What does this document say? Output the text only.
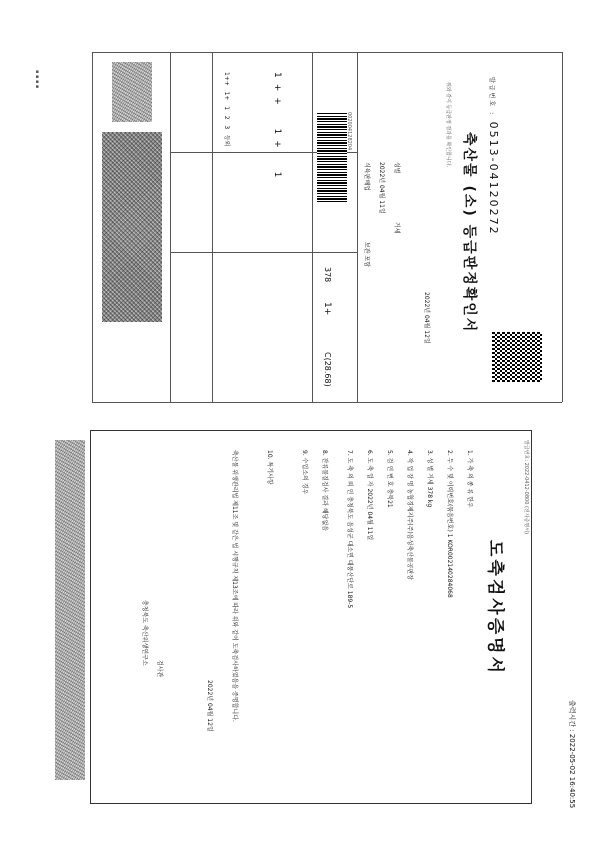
1++   1+   1   2   3   등외
1++  1+  1
1+
378
C(28.68)
002004128204
식육판매업	2022년 04월 11일	성별
거세
보관 포함
2022년 04월 12일
축산물 (소) 등급판정확인서
발급번호 : 0513-04120272
위와 같이 등급판정 결과를 확인합니다.
▪ ▪ ▪ ▪
충청북도 축산위생연구소
검사관
2022년 04월 12일	축산물 위생관리법 제11조 및 같은 법 시행규칙 제13조에 따라 위와 같이 도축검사하였음을 증명합니다.	10. 특기사항
9. 수입소의 경우
8. 잔류물질검사 결과 해당없음
7. 도 축 의 뢰 인 충청북도 음성군 대소면 대풍산단로 189-5
6. 도 축 일 자 2022년 04월 11일
5. 검 인 번 호 충북21
4. 작 업 장 명 농협경제지주(주)음성축산물공판장
3. 성 별 거세 378 kg
2. 두 수 및 이력번호(묶음번호) 1 KOR002140284068
1. 가 축 의 종 류 한우
도축검사증명서
발급번호: 2022-0412-0800 (전자증명서)
출력시간 : 2022-05-02 16:40:55
